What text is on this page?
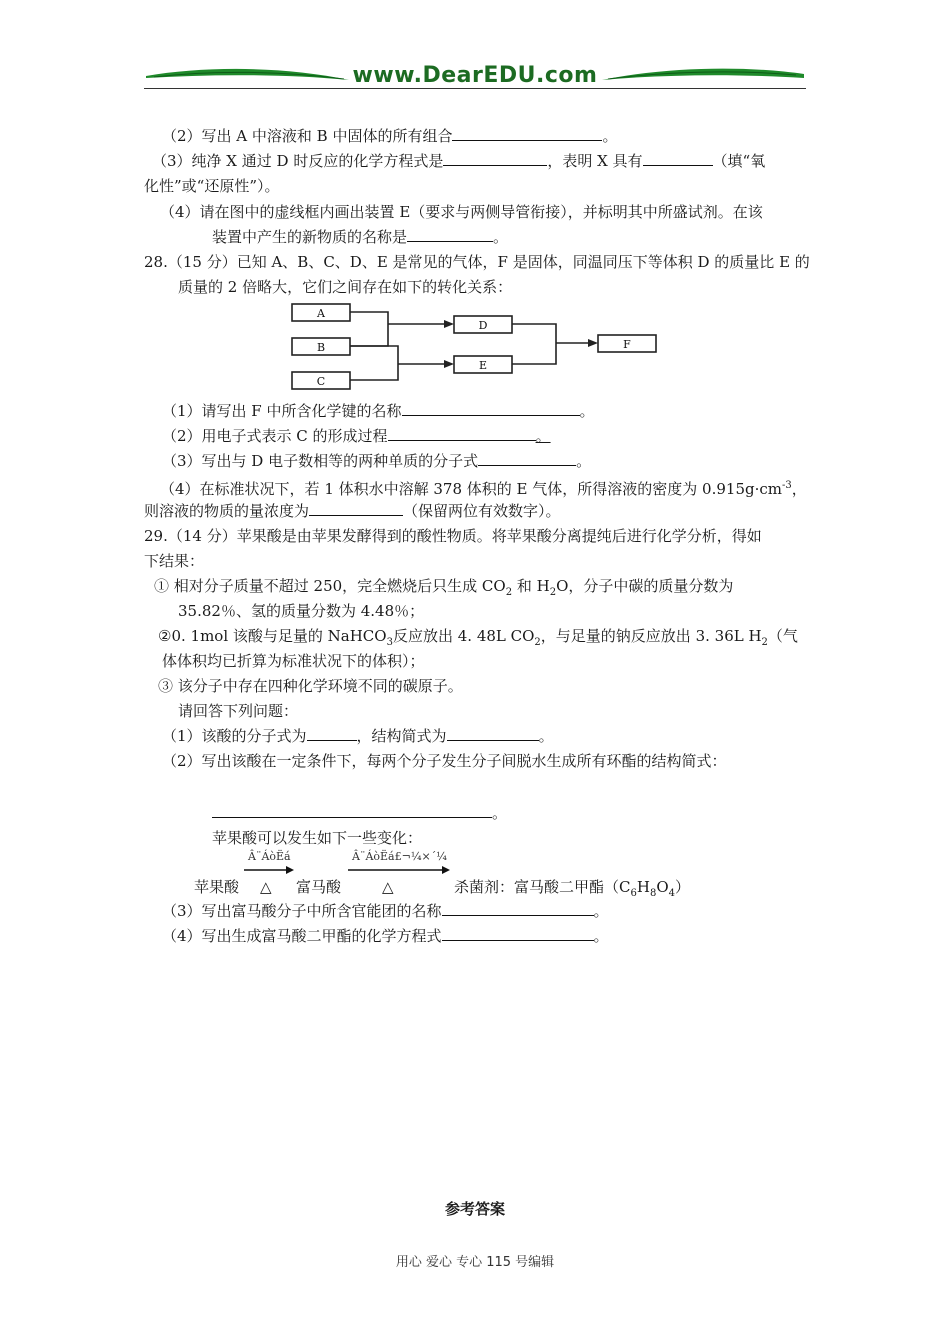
www.DearEDU.com
（2）写出 A 中溶液和 B 中固体的所有组合	。
（3）纯净 X 通过 D 时反应的化学方程式是	，表明 X 具有	（填“氧
化性”或“还原性”）。
（4）请在图中的虚线框内画出装置 E（要求与两侧导管衔接），并标明其中所盛试剂。在该
装置中产生的新物质的名称是	。
28.（15 分）已知 A、B、C、D、E 是常见的气体，F 是固体，同温同压下等体积 D 的质量比 E 的
质量的 2 倍略大，它们之间存在如下的转化关系：
A
B
C
D
E
F
（1）请写出 F 中所含化学键的名称	。
（2）用电子式表示 C 的形成过程	。
（3）写出与 D 电子数相等的两种单质的分子式	。
（4）在标准状况下，若 1 体积水中溶解 378 体积的 E 气体，所得溶液的密度为 $0.915g\cdot cm^{-3}$，
则溶液的物质的量浓度为	（保留两位有效数字）。
29.（14 分）苹果酸是由苹果发酵得到的酸性物质。将苹果酸分离提纯后进行化学分析，得如
下结果：
① 相对分子质量不超过 250，完全燃烧后只生成 $CO_2$ 和 $H_2O$，分子中碳的质量分数为
35.82％、氢的质量分数为 4.48％；
②0. 1mol 该酸与足量的 NaHCO$_3$反应放出 4. 48L $CO_2$，与足量的钠反应放出 3. 36L $H_2$（气
体体积均已折算为标准状况下的体积）；
③ 该分子中存在四种化学环境不同的碳原子。
请回答下列问题：
（1）该酸的分子式为	，结构简式为	。
（2）写出该酸在一定条件下，每两个分子发生分子间脱水生成所有环酯的结构简式：
。
苹果酸可以发生如下一些变化：
Â¨ÁòËá	Â¨ÁòËá£¬¼×´¼
苹果酸 △ 富马酸	△	杀菌剂：富马酸二甲酯$(C_6H_8O_4)$
（3）写出富马酸分子中所含官能团的名称	。
（4）写出生成富马酸二甲酯的化学方程式	。
参考答案
用心 爱心 专心 115 号编辑
